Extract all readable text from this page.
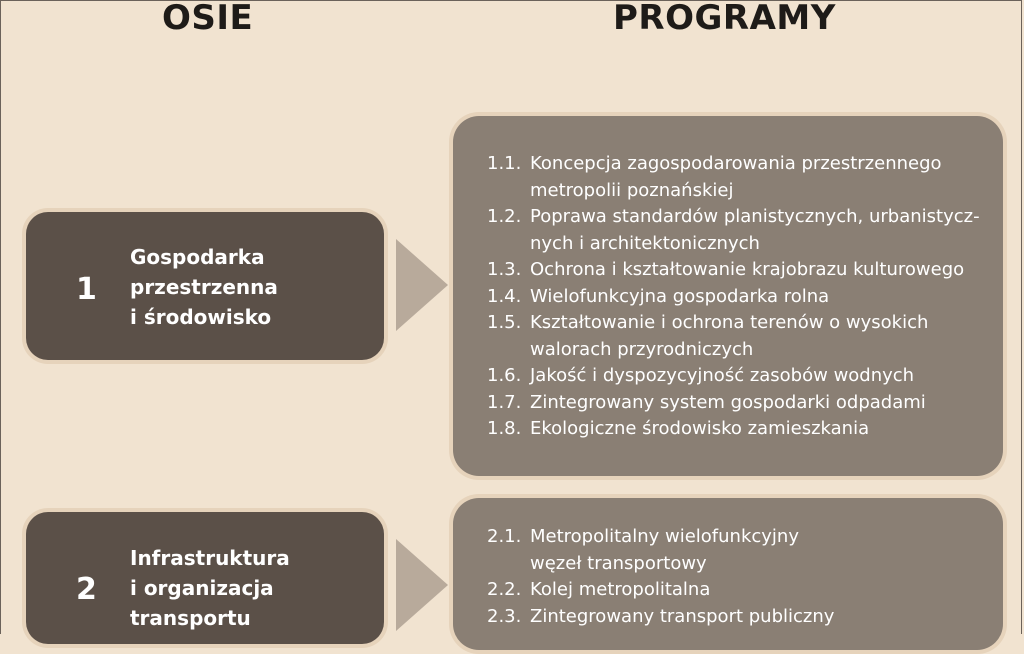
OSIE	PROGRAMY
1
Gospodarka
przestrzenna
i środowisko
1.1. Koncepcja zagospodarowania przestrzennego
metropolii poznańskiej
1.2. Poprawa standardów planistycznych, urbanistycz-
nych i architektonicznych
1.3. Ochrona i kształtowanie krajobrazu kulturowego
1.4. Wielofunkcyjna gospodarka rolna
1.5. Kształtowanie i ochrona terenów o wysokich
walorach przyrodniczych
1.6. Jakość i dyspozycyjność zasobów wodnych
1.7. Zintegrowany system gospodarki odpadami
1.8. Ekologiczne środowisko zamieszkania
2
Infrastruktura
i organizacja
transportu
2.1. Metropolitalny wielofunkcyjny
węzeł transportowy
2.2. Kolej metropolitalna
2.3. Zintegrowany transport publiczny
